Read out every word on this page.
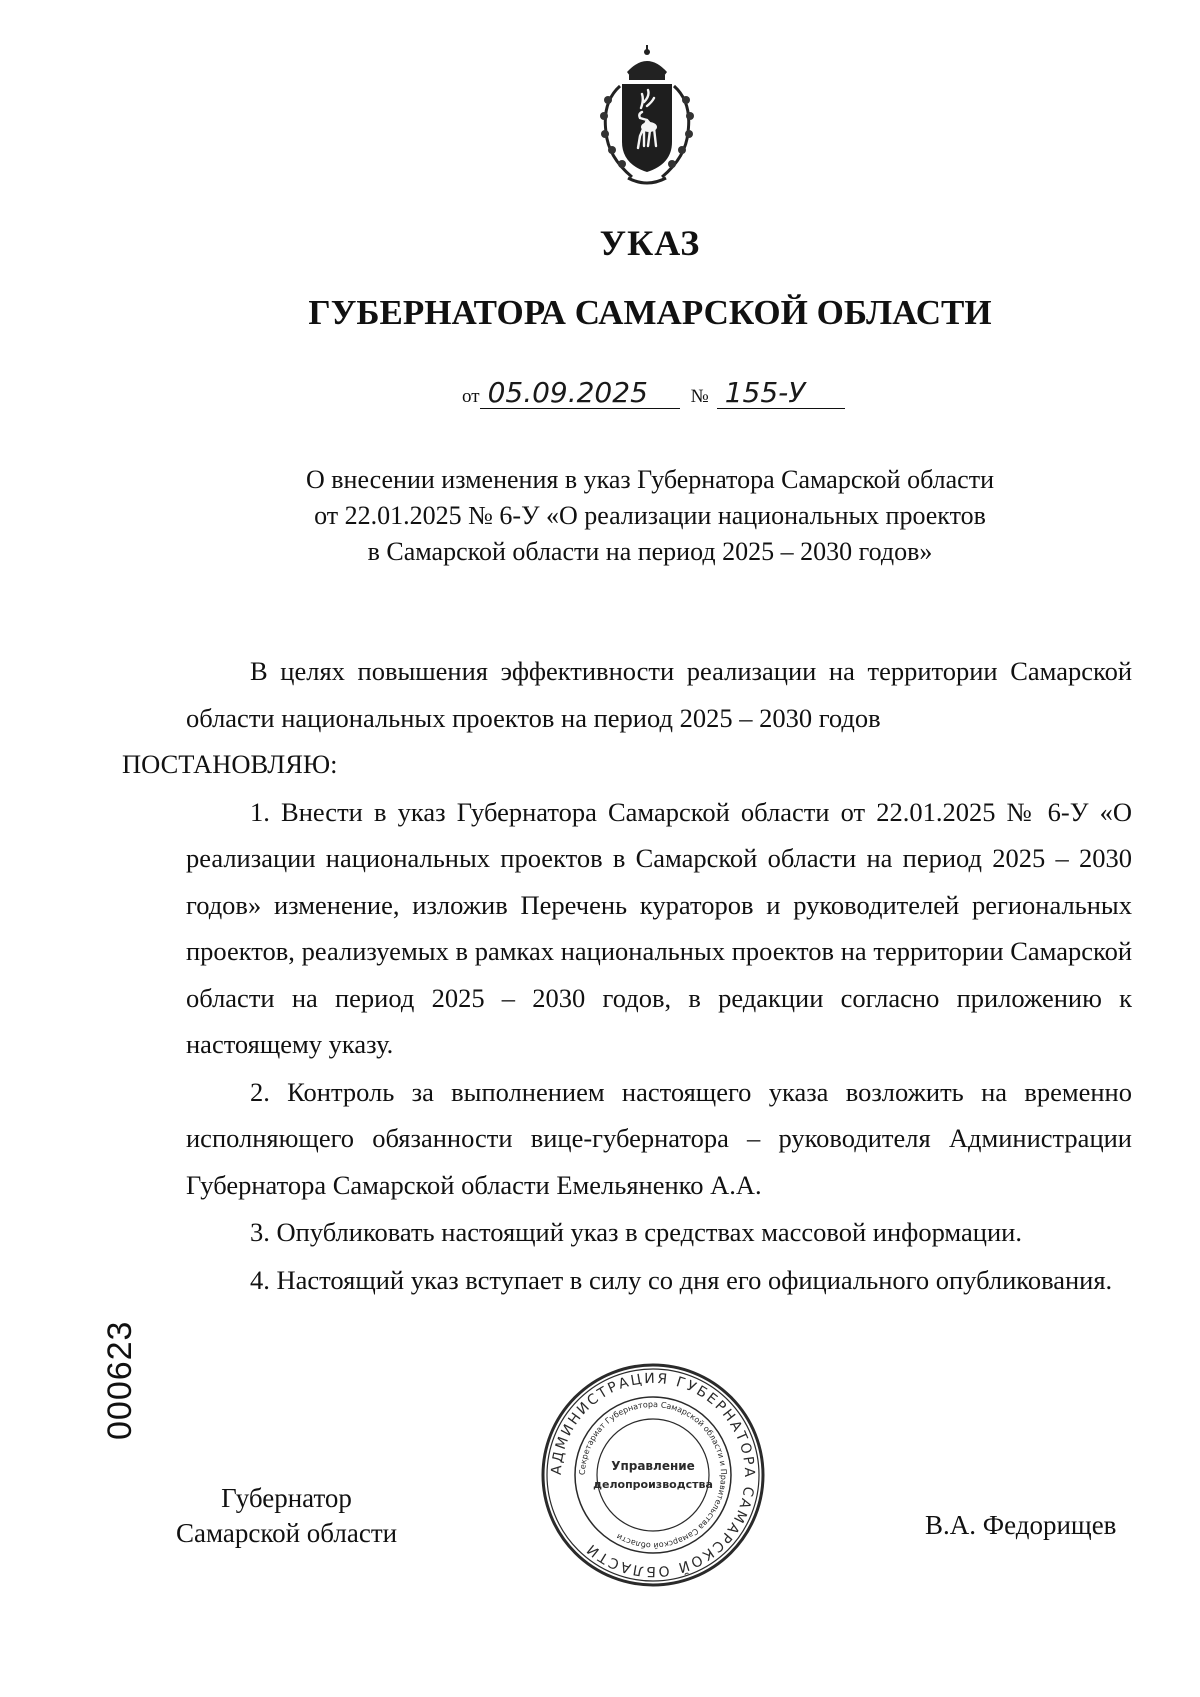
УКАЗ
ГУБЕРНАТОРА САМАРСКОЙ ОБЛАСТИ
от 05.09.2025 № 155-У
О внесении изменения в указ Губернатора Самарской области
от 22.01.2025 № 6-У «О реализации национальных проектов
в Самарской области на период 2025 – 2030 годов»

В целях повышения эффективности реализации на территории Самарской области национальных проектов на период 2025 – 2030 годов
ПОСТАНОВЛЯЮ:

1. Внести в указ Губернатора Самарской области от 22.01.2025 № 6-У «О реализации национальных проектов в Самарской области на период 2025 – 2030 годов» изменение, изложив Перечень кураторов и руководителей региональных проектов, реализуемых в рамках национальных проектов на территории Самарской области на период 2025 – 2030 годов, в редакции согласно приложению к настоящему указу.

2. Контроль за выполнением настоящего указа возложить на временно исполняющего обязанности вице-губернатора – руководителя Администрации Губернатора Самарской области Емельяненко А.А.

3. Опубликовать настоящий указ в средствах массовой информации.

4. Настоящий указ вступает в силу со дня его официального опубликования.

000623
Губернатор
Самарской области
АДМИНИСТРАЦИЯ ГУБЕРНАТОРА САМАРСКОЙ ОБЛАСТИ
Секретариат Губернатора Самарской области и Правительства Самарской области
Управление
делопроизводства
В.А. Федорищев
